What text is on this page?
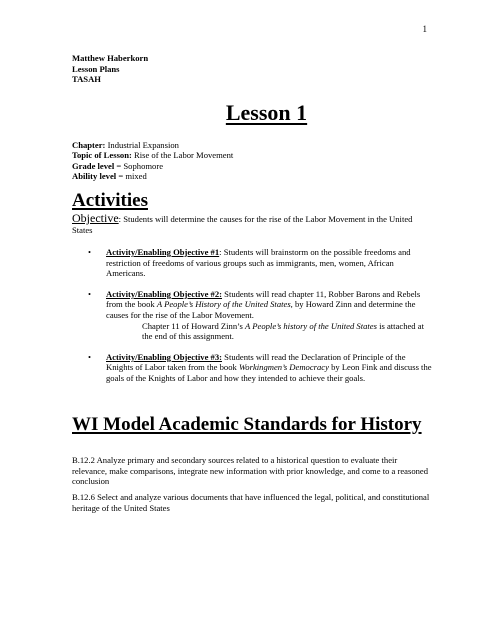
1
Matthew Haberkorn
Lesson Plans
TASAH
Lesson 1
Chapter: Industrial Expansion
Topic of Lesson: Rise of the Labor Movement
Grade level = Sophomore
Ability level = mixed
Activities
Objective: Students will determine the causes for the rise of the Labor Movement in the United States
• Activity/Enabling Objective #1: Students will brainstorm on the possible freedoms and restriction of freedoms of various groups such as immigrants, men, women, African Americans.
• Activity/Enabling Objective #2: Students will read chapter 11, Robber Barons and Rebels from the book A People’s History of the United States, by Howard Zinn and determine the causes for the rise of the Labor Movement.
Chapter 11 of Howard Zinn’s A People’s history of the United States is attached at the end of this assignment.
• Activity/Enabling Objective #3: Students will read the Declaration of Principle of the Knights of Labor taken from the book Workingmen’s Democracy by Leon Fink and discuss the goals of the Knights of Labor and how they intended to achieve their goals.
WI Model Academic Standards for History
B.12.2 Analyze primary and secondary sources related to a historical question to evaluate their relevance, make comparisons, integrate new information with prior knowledge, and come to a reasoned conclusion
B.12.6 Select and analyze various documents that have influenced the legal, political, and constitutional heritage of the United States
